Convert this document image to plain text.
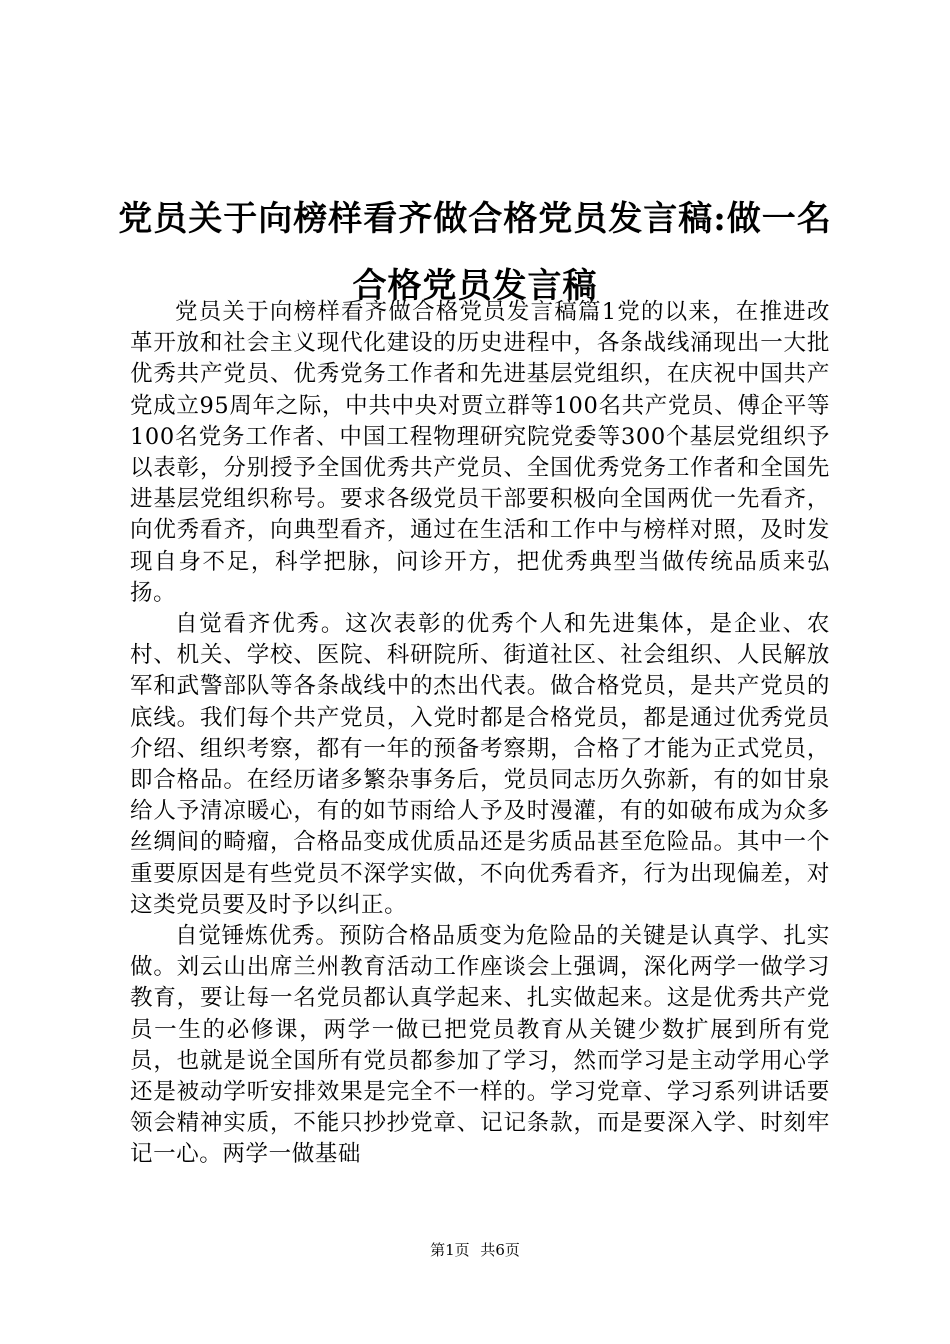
党员关于向榜样看齐做合格党员发言稿:做一名合格党员发言稿

党员关于向榜样看齐做合格党员发言稿篇1党的以来，在推进改革开放和社会主义现代化建设的历史进程中，各条战线涌现出一大批优秀共产党员、优秀党务工作者和先进基层党组织，在庆祝中国共产党成立95周年之际，中共中央对贾立群等100名共产党员、傅企平等100名党务工作者、中国工程物理研究院党委等300个基层党组织予以表彰，分别授予全国优秀共产党员、全国优秀党务工作者和全国先进基层党组织称号。要求各级党员干部要积极向全国两优一先看齐，向优秀看齐，向典型看齐，通过在生活和工作中与榜样对照，及时发现自身不足，科学把脉，问诊开方，把优秀典型当做传统品质来弘扬。

自觉看齐优秀。这次表彰的优秀个人和先进集体，是企业、农村、机关、学校、医院、科研院所、街道社区、社会组织、人民解放军和武警部队等各条战线中的杰出代表。做合格党员，是共产党员的底线。我们每个共产党员，入党时都是合格党员，都是通过优秀党员介绍、组织考察，都有一年的预备考察期，合格了才能为正式党员，即合格品。在经历诸多繁杂事务后，党员同志历久弥新，有的如甘泉给人予清凉暖心，有的如节雨给人予及时漫灌，有的如破布成为众多丝绸间的畸瘤，合格品变成优质品还是劣质品甚至危险品。其中一个重要原因是有些党员不深学实做，不向优秀看齐，行为出现偏差，对这类党员要及时予以纠正。

自觉锤炼优秀。预防合格品质变为危险品的关键是认真学、扎实做。刘云山出席兰州教育活动工作座谈会上强调，深化两学一做学习教育，要让每一名党员都认真学起来、扎实做起来。这是优秀共产党员一生的必修课，两学一做已把党员教育从关键少数扩展到所有党员，也就是说全国所有党员都参加了学习，然而学习是主动学用心学还是被动学听安排效果是完全不一样的。学习党章、学习系列讲话要领会精神实质，不能只抄抄党章、记记条款，而是要深入学、时刻牢记一心。两学一做基础

第1页 共6页
